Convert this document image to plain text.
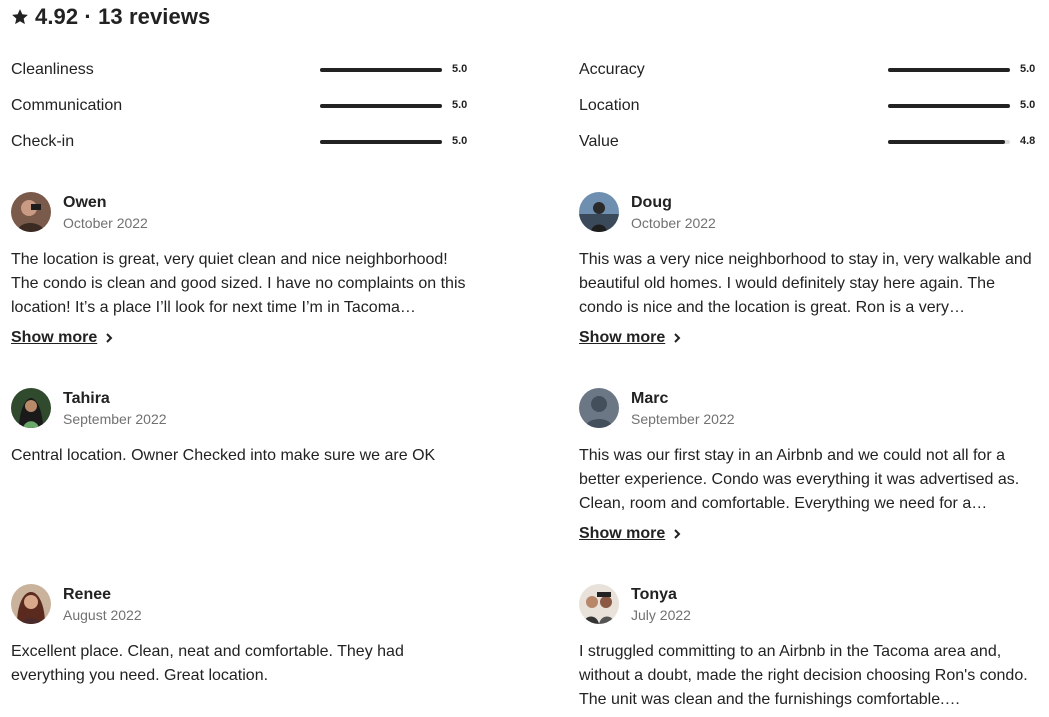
4.92 · 13 reviews
Cleanliness	5.0
Communication	5.0
Check-in	5.0
Owen
October 2022
The location is great, very quiet clean and nice neighborhood! The condo is clean and good sized. I have no complaints on this location! It’s a place I’ll look for next time I’m in Tacoma…
Show more
Tahira
September 2022
Central location. Owner Checked into make sure we are OK
Renee
August 2022
Excellent place. Clean, neat and comfortable. They had everything you need. Great location.
Accuracy	5.0
Location	5.0
Value	4.8
Doug
October 2022
This was a very nice neighborhood to stay in, very walkable and beautiful old homes. I would definitely stay here again. The condo is nice and the location is great. Ron is a very…
Show more
Marc
September 2022
This was our first stay in an Airbnb and we could not all for a better experience. Condo was everything it was advertised as. Clean, room and comfortable. Everything we need for a…
Show more
Tonya
July 2022
I struggled committing to an Airbnb in the Tacoma area and, without a doubt, made the right decision choosing Ron's condo. The unit was clean and the furnishings comfortable.…
